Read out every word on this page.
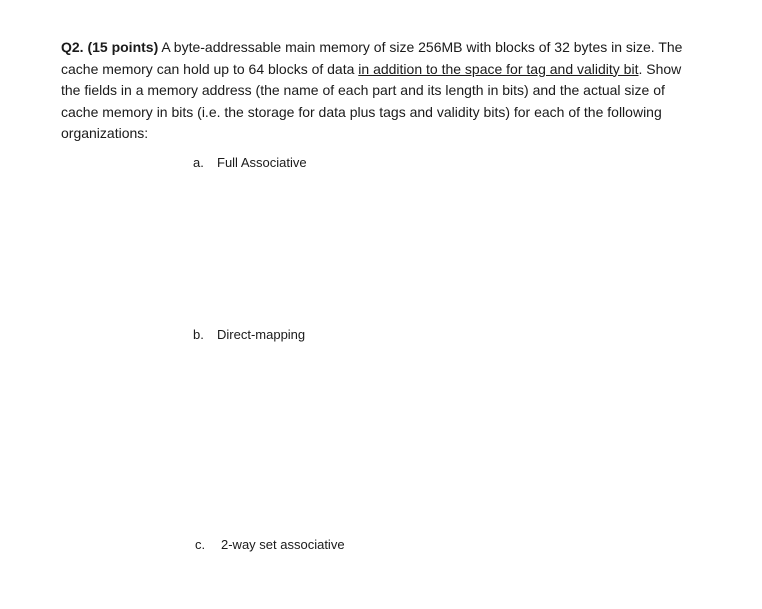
Q2. (15 points) A byte-addressable main memory of size 256MB with blocks of 32 bytes in size. The cache memory can hold up to 64 blocks of data in addition to the space for tag and validity bit. Show the fields in a memory address (the name of each part and its length in bits) and the actual size of cache memory in bits (i.e. the storage for data plus tags and validity bits) for each of the following organizations:
a. Full Associative
b. Direct-mapping
c. 2-way set associative
